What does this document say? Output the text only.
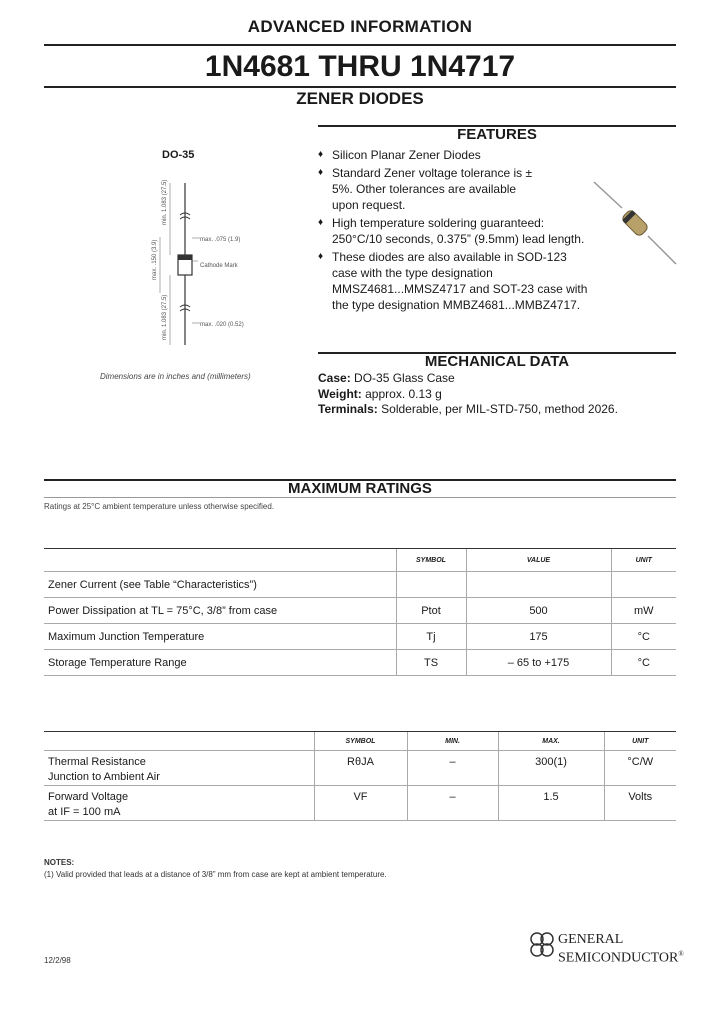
ADVANCED INFORMATION
1N4681 THRU 1N4717
ZENER DIODES
DO-35
min. 1.083 (27.5)
max. .150 (3.9)
min. 1.083 (27.5)
max. .075 (1.9)
Cathode Mark
max. .020 (0.52)
Dimensions are in inches and (millimeters)
FEATURES
♦ Silicon Planar Zener Diodes
♦ Standard Zener voltage tolerance is ± 5%. Other tolerances are available upon request.
♦ High temperature soldering guaranteed: 250°C/10 seconds, 0.375” (9.5mm) lead length.
♦ These diodes are also available in SOD-123 case with the type designation MMSZ4681...MMSZ4717 and SOT-23 case with the type designation MMBZ4681...MMBZ4717.
MECHANICAL DATA
Case: DO-35 Glass Case
Weight: approx. 0.13 g
Terminals: Solderable, per MIL-STD-750, method 2026.
MAXIMUM RATINGS
Ratings at 25°C ambient temperature unless otherwise specified.
	SYMBOL	VALUE	UNIT
Zener Current (see Table “Characteristics”)			
Power Dissipation at TL = 75°C, 3/8” from case	Ptot	500	mW
Maximum Junction Temperature	Tj	175	°C
Storage Temperature Range	TS	– 65 to +175	°C
	SYMBOL	MIN.	MAX.	UNIT

Thermal Resistance
Junction to Ambient Air	RθJA	–	300(1)	°C/W

Forward Voltage
at IF = 100 mA	VF	–	1.5	Volts
NOTES:
(1) Valid provided that leads at a distance of 3/8” mm from case are kept at ambient temperature.
12/2/98
GENERAL
SEMICONDUCTOR®
